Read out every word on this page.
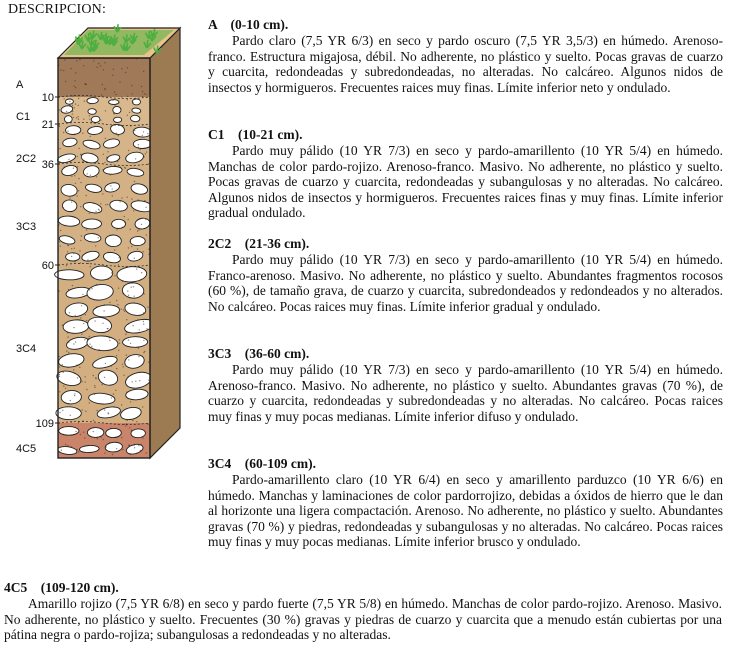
DESCRIPCION:
A
C1
2C2
3C3
3C4
4C5
10
21
36
60
109
A (0-10 cm).

Pardo claro (7,5 YR 6/3) en seco y pardo oscuro (7,5 YR 3,5/3) en húmedo. Arenoso-franco. Estructura migajosa, débil. No adherente, no plástico y suelto. Pocas gravas de cuarzo y cuarcita, redondeadas y subredondeadas, no alteradas. No calcáreo. Algunos nidos de insectos y hormigueros. Frecuentes raices muy finas. Límite inferior neto y ondulado.

C1 (10-21 cm).

Pardo muy pálido (10 YR 7/3) en seco y pardo-amarillento (10 YR 5/4) en húmedo. Manchas de color pardo-rojizo. Arenoso-franco. Masivo. No adherente, no plástico y suelto. Pocas gravas de cuarzo y cuarcita, redondeadas y subangulosas y no alteradas. No calcáreo. Algunos nidos de insectos y hormigueros. Frecuentes raices finas y muy finas. Límite inferior gradual ondulado.

2C2 (21-36 cm).

Pardo muy pálido (10 YR 7/3) en seco y pardo-amarillento (10 YR 5/4) en húmedo. Franco-arenoso. Masivo. No adherente, no plástico y suelto. Abundantes fragmentos rocosos (60 %), de tamaño grava, de cuarzo y cuarcita, subredondeados y redondeados y no alterados. No calcáreo. Pocas raices muy finas. Límite inferior gradual y ondulado.

3C3 (36-60 cm).

Pardo muy pálido (10 YR 7/3) en seco y pardo-amarillento (10 YR 5/4) en húmedo. Arenoso-franco. Masivo. No adherente, no plástico y suelto. Abundantes gravas (70 %), de cuarzo y cuarcita, redondeadas y subredondeadas y no alteradas. No calcáreo. Pocas raices muy finas y muy pocas medianas. Límite inferior difuso y ondulado.

3C4 (60-109 cm).

Pardo-amarillento claro (10 YR 6/4) en seco y amarillento parduzco (10 YR 6/6) en húmedo. Manchas y laminaciones de color pardorrojizo, debidas a óxidos de hierro que le dan al horizonte una ligera compactación. Arenoso. No adherente, no plástico y suelto. Abundantes gravas (70 %) y piedras, redondeadas y subangulosas y no alteradas. No calcáreo. Pocas raices muy finas y muy pocas medianas. Límite inferior brusco y ondulado.

4C5 (109-120 cm).

Amarillo rojizo (7,5 YR 6/8) en seco y pardo fuerte (7,5 YR 5/8) en húmedo. Manchas de color pardo-rojizo. Arenoso. Masivo. No adherente, no plástico y suelto. Frecuentes (30 %) gravas y piedras de cuarzo y cuarcita que a menudo están cubiertas por una pátina negra o pardo-rojiza; subangulosas a redondeadas y no alteradas.
